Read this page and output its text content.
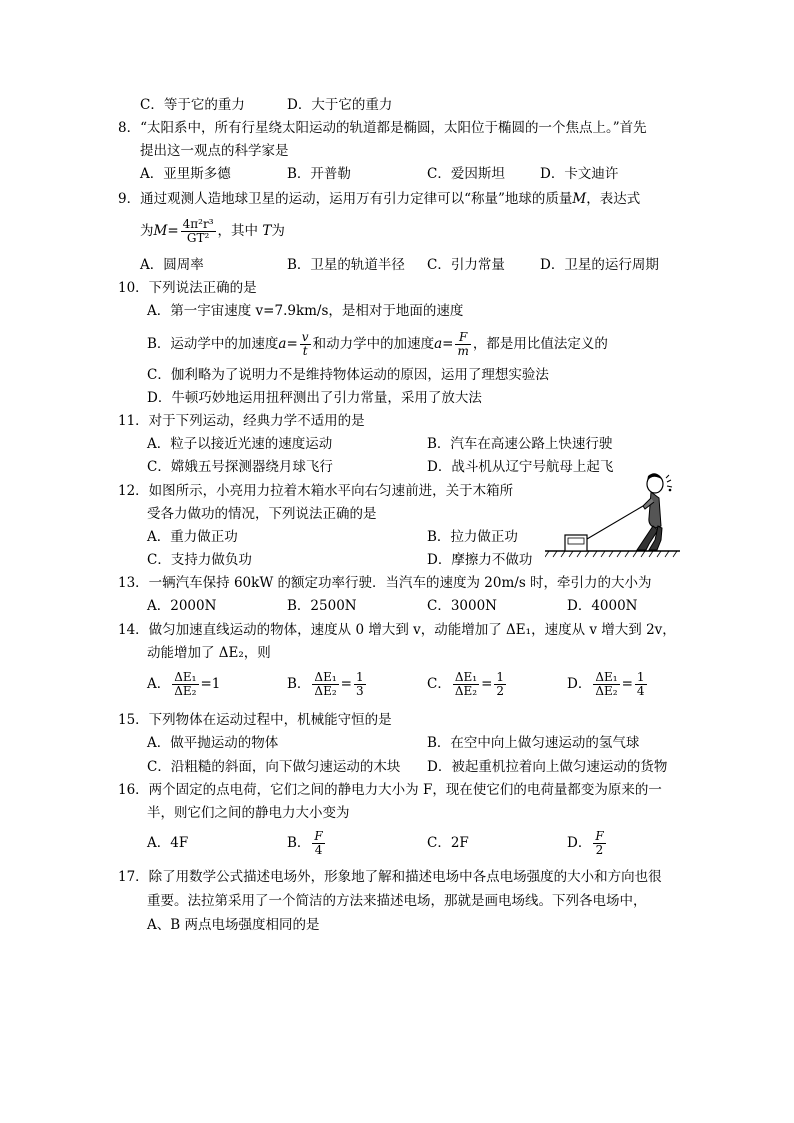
C．等于它的重力	D．大于它的重力
8．“太阳系中，所有行星绕太阳运动的轨道都是椭圆，太阳位于椭圆的一个焦点上。”首先
提出这一观点的科学家是
A．亚里斯多德	B．开普勒	C．爱因斯坦	D．卡文迪许
9．通过观测人造地球卫星的运动，运用万有引力定律可以“称量”地球的质量M，表达式
为$M= \frac{\text{4π²r³}}{\text{GT²}}$ ，其中 T为
A．圆周率	B．卫星的轨道半径 C．引力常量	D．卫星的运行周期
10．下列说法正确的是
A．第一宇宙速度 v=7.9km/s，是相对于地面的速度
B．运动学中的加速度$a= \frac{v}{t}$ 和动力学中的加速度$a= \frac{F}{m}$ ，都是用比值法定义的
C．伽利略为了说明力不是维持物体运动的原因，运用了理想实验法
D．牛顿巧妙地运用扭秤测出了引力常量，采用了放大法
11．对于下列运动，经典力学不适用的是
A．粒子以接近光速的速度运动	B．汽车在高速公路上快速行驶
C．嫦娥五号探测器绕月球飞行	D．战斗机从辽宁号航母上起飞
12．如图所示，小亮用力拉着木箱水平向右匀速前进，关于木箱所
受各力做功的情况，下列说法正确的是
A．重力做正功	B．拉力做正功
C．支持力做负功	D．摩擦力不做功
13．一辆汽车保持 60kW 的额定功率行驶．当汽车的速度为 20m/s 时，牵引力的大小为
A．2000N	B．2500N	C．3000N	D．4000N
14．做匀加速直线运动的物体，速度从 0 增大到 v，动能增加了 ΔE₁，速度从 v 增大到 2v，
动能增加了 ΔE₂，则
A． $\frac{\text{ΔE₁}}{\text{ΔE₂}} =1$	B． $\frac{\text{ΔE₁}}{\text{ΔE₂}} = \frac{1}{3}$	C． $\frac{\text{ΔE₁}}{\text{ΔE₂}} = \frac{1}{2}$	D． $\frac{\text{ΔE₁}}{\text{ΔE₂}} = \frac{1}{4}$
15．下列物体在运动过程中，机械能守恒的是
A．做平抛运动的物体	B．在空中向上做匀速运动的氢气球
C．沿粗糙的斜面，向下做匀速运动的木块 D．被起重机拉着向上做匀速运动的货物
16．两个固定的点电荷，它们之间的静电力大小为 F，现在使它们的电荷量都变为原来的一
半，则它们之间的静电力大小变为
A．4F	B． $\frac{F}{4}$	C．2F	D． $\frac{F}{2}$
17．除了用数学公式描述电场外，形象地了解和描述电场中各点电场强度的大小和方向也很
重要。法拉第采用了一个简洁的方法来描述电场，那就是画电场线。下列各电场中，
A、B 两点电场强度相同的是
